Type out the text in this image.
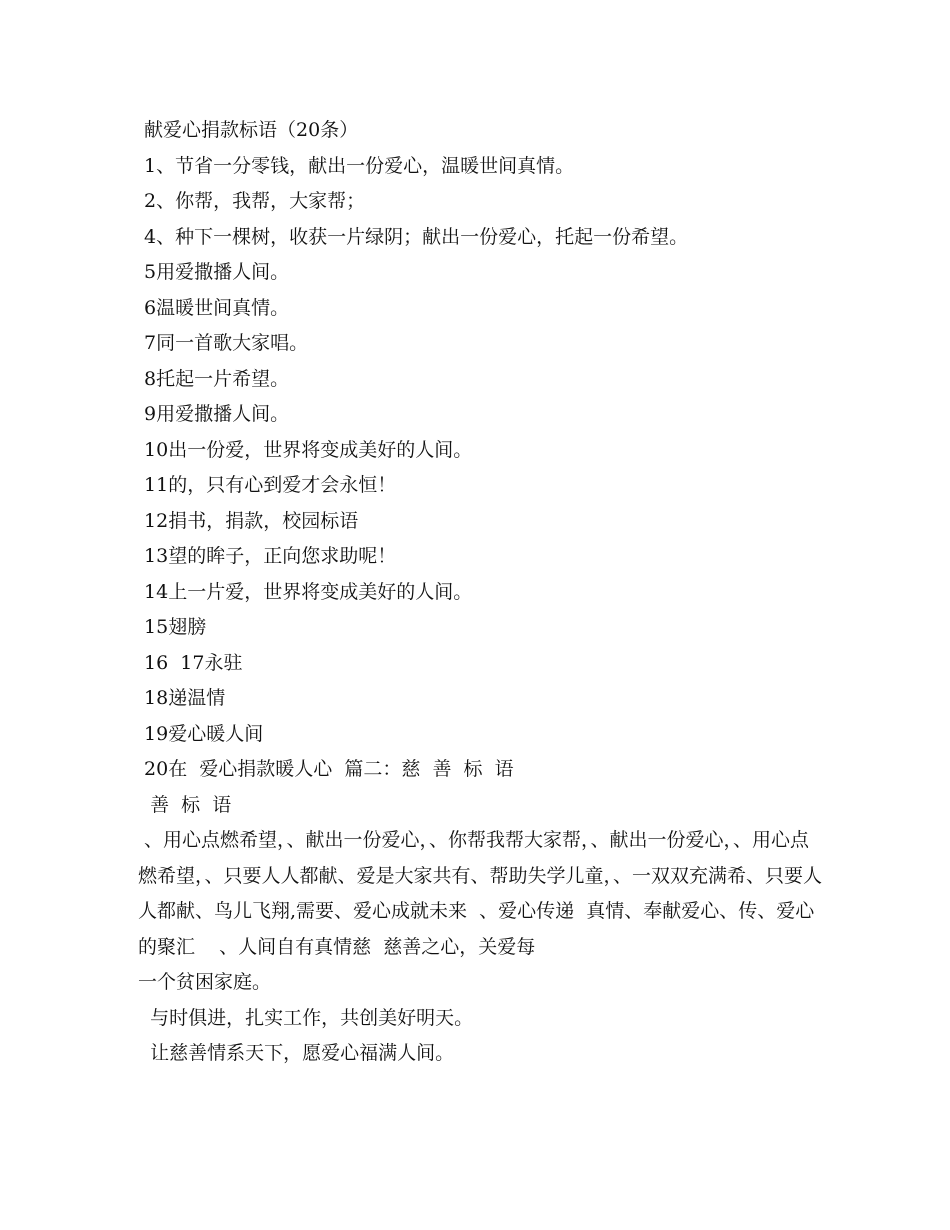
献爱心捐款标语（20条）
1、节省一分零钱，献出一份爱心，温暖世间真情。
2、你帮，我帮，大家帮；
4、种下一棵树，收获一片绿阴；献出一份爱心，托起一份希望。
5用爱撒播人间。
6温暖世间真情。
7同一首歌大家唱。
8托起一片希望。
9用爱撒播人间。
10出一份爱，世界将变成美好的人间。
11的，只有心到爱才会永恒！
12捐书，捐款，校园标语
13望的眸子，正向您求助呢！
14上一片爱，世界将变成美好的人间。
15翅膀
16  17永驻
18递温情
19爱心暖人间
20在  爱心捐款暖人心  篇二：慈  善  标  语
善  标  语

、用心点燃希望，、献出一份爱心，、你帮我帮大家帮，、献出一份爱心，、用心点燃希望，、只要人人都献、爱是大家共有、帮助失学儿童，、一双双充满希、只要人人都献、鸟儿飞翔,需要、爱心成就未来  、爱心传递  真情、奉献爱心、传、爱心的聚汇    、人间自有真情慈  慈善之心，关爱每

一个贫困家庭。
与时俱进，扎实工作，共创美好明天。
让慈善情系天下，愿爱心福满人间。
